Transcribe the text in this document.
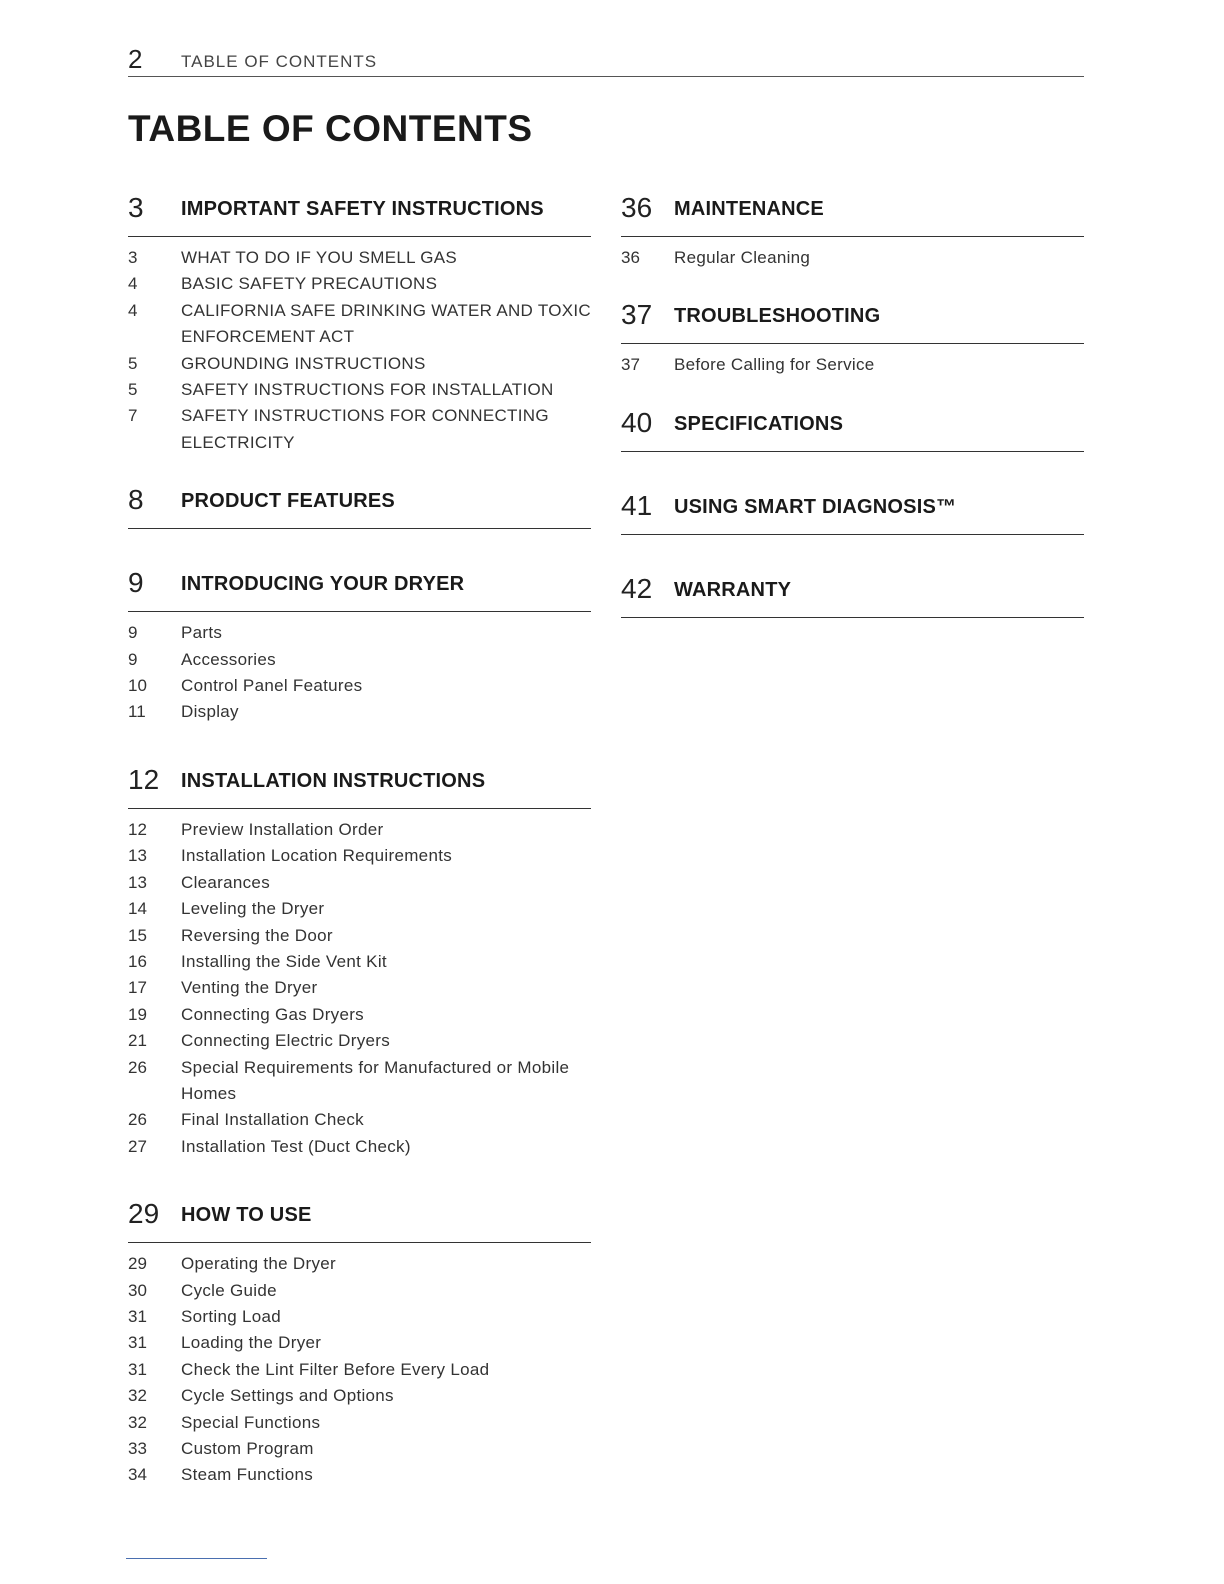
2 TABLE OF CONTENTS
TABLE OF CONTENTS
3 IMPORTANT SAFETY INSTRUCTIONS
3	WHAT TO DO IF YOU SMELL GAS
4	BASIC SAFETY PRECAUTIONS
4	CALIFORNIA SAFE DRINKING WATER AND TOXIC ENFORCEMENT ACT
5	GROUNDING INSTRUCTIONS
5	SAFETY INSTRUCTIONS FOR INSTALLATION
7	SAFETY INSTRUCTIONS FOR CONNECTING ELECTRICITY
8 PRODUCT FEATURES
9 INTRODUCING YOUR DRYER
9	Parts
9	Accessories
10 Control Panel Features
11 Display
12 INSTALLATION INSTRUCTIONS
12 Preview Installation Order
13 Installation Location Requirements
13 Clearances
14 Leveling the Dryer
15 Reversing the Door
16 Installing the Side Vent Kit
17 Venting the Dryer
19 Connecting Gas Dryers
21 Connecting Electric Dryers
26 Special Requirements for Manufactured or Mobile Homes
26 Final Installation Check
27 Installation Test (Duct Check)
29 HOW TO USE
29 Operating the Dryer
30 Cycle Guide
31 Sorting Load
31 Loading the Dryer
31 Check the Lint Filter Before Every Load
32 Cycle Settings and Options
32 Special Functions
33 Custom Program
34 Steam Functions
36 MAINTENANCE
36 Regular Cleaning
37 TROUBLESHOOTING
37 Before Calling for Service
40 SPECIFICATIONS
41 USING SMART DIAGNOSIS™
42 WARRANTY
